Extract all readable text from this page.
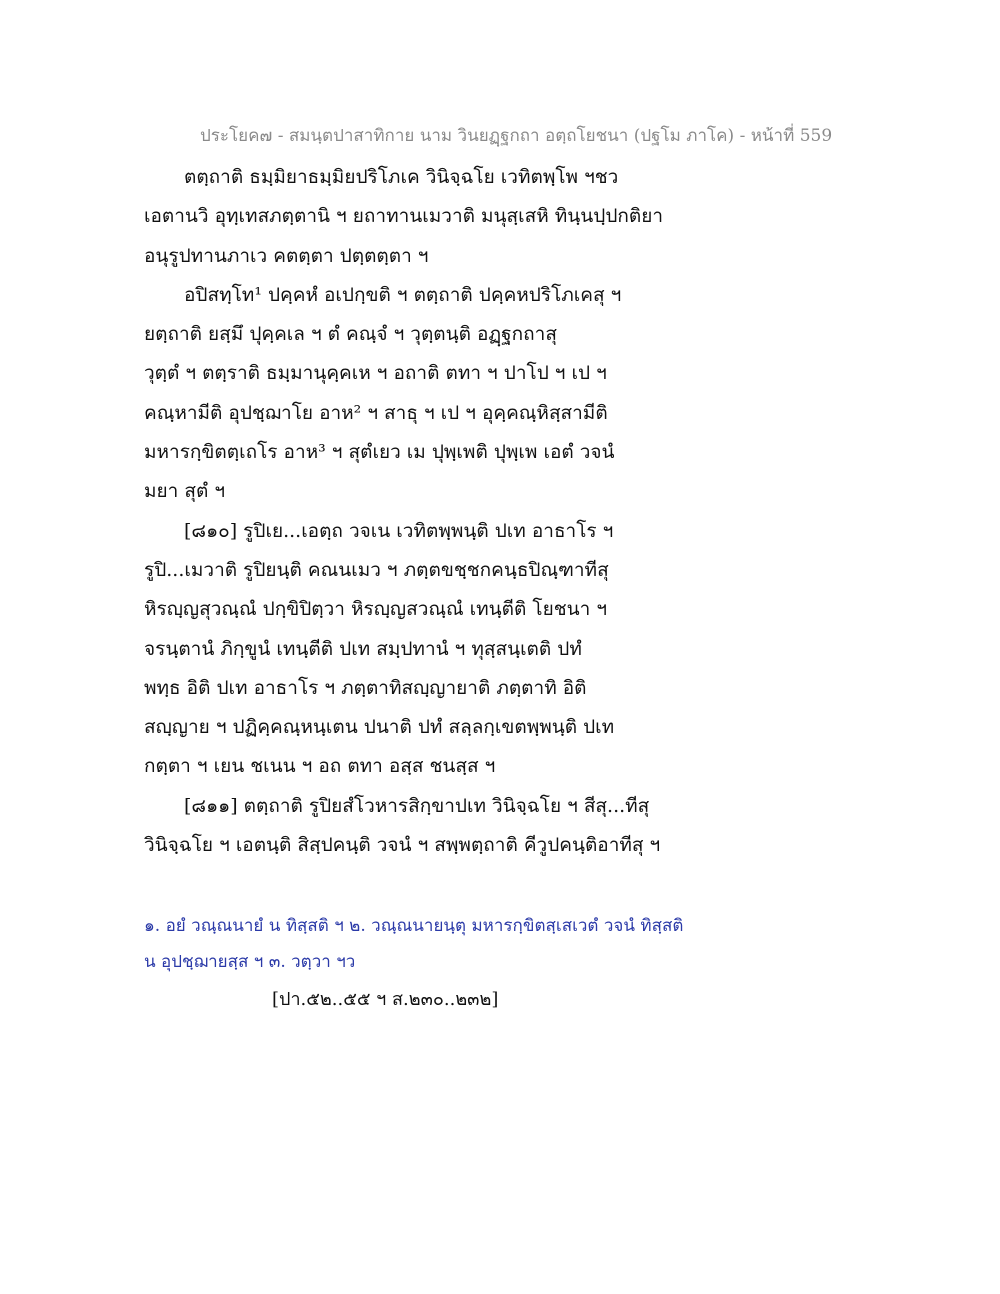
ประโยค๗ - สมนฺตปาสาทิกาย นาม วินยฏฺฐกถา อตฺถโยชนา (ปฐโม ภาโค) - หน้าที่ 559
ตตฺถาติ ธมฺมิยาธมฺมิยปริโภเค วินิจฺฉโย เวทิตพฺโพ ฯชว
เอตานวิ อุทฺเทสภตฺตานิ ฯ ยถาทานเมวาติ มนุสฺเสหิ ทินฺนปฺปกติยา
อนุรูปทานภาเว คตตฺตา ปตฺตตฺตา ฯ
อปิสทฺโท¹ ปคฺคหํ อเปกฺขติ ฯ ตตฺถาติ ปคฺคหปริโภเคสุ ฯ
ยตฺถาติ ยสฺมึ ปุคฺคเล ฯ ตํ คณฺจํ ฯ วุตฺตนฺติ อฏฺฐกถาสุ
วุตฺตํ ฯ ตตฺราติ ธมฺมานุคฺคเห ฯ อถาติ ตทา ฯ ปาโป ฯ เป ฯ
คณฺหามีติ อุปชฺฌาโย อาห² ฯ สาธุ ฯ เป ฯ อุคฺคณฺหิสฺสามีติ
มหารกฺขิตตฺเถโร อาห³ ฯ สุตํเยว เม ปุพฺเพติ ปุพฺเพ เอตํ วจนํ
มยา สุตํ ฯ
[๘๑๐] รูปิเย...เอตฺถ วจเน เวทิตพฺพนฺติ ปเท อาธาโร ฯ
รูปิ...เมวาติ รูปิยนฺติ คณนเมว ฯ ภตฺตขชฺชกคนฺธปิณฺฑาทีสุ
หิรญฺญสุวณฺณํ ปกฺขิปิตฺวา หิรญฺญสวณฺณํ เทนฺตีติ โยชนา ฯ
จรนฺตานํ ภิกฺขูนํ เทนฺตีติ ปเท สมฺปทานํ ฯ ทุสฺสนฺเตติ ปทํ
พทฺธ อิติ ปเท อาธาโร ฯ ภตฺตาทิสญฺญายาติ ภตฺตาทิ อิติ
สญฺญาย ฯ ปฏิคฺคณฺหนฺเตน ปนาติ ปทํ สลฺลกฺเขตพฺพนฺติ ปเท
กตฺตา ฯ เยน ชเนน ฯ อถ ตทา อสฺส ชนสฺส ฯ
[๘๑๑] ตตฺถาติ รูปิยสํโวหารสิกฺขาปเท วินิจฺฉโย ฯ สีสุ...ทีสุ
วินิจฺฉโย ฯ เอตนฺติ สิสฺปคนฺติ วจนํ ฯ สพฺพตฺถาติ คีวูปคนฺติอาทีสุ ฯ
๑. อยํ วณฺณนายํ น ทิสฺสติ ฯ ๒. วณฺณนายนฺตุ มหารกฺขิตสฺเสเวตํ วจนํ ทิสฺสติ
น อุปชฺฌายสฺส ฯ ๓. วตฺวา ฯว
[ปา.๕๒..๕๕ ฯ ส.๒๓๐..๒๓๒]
